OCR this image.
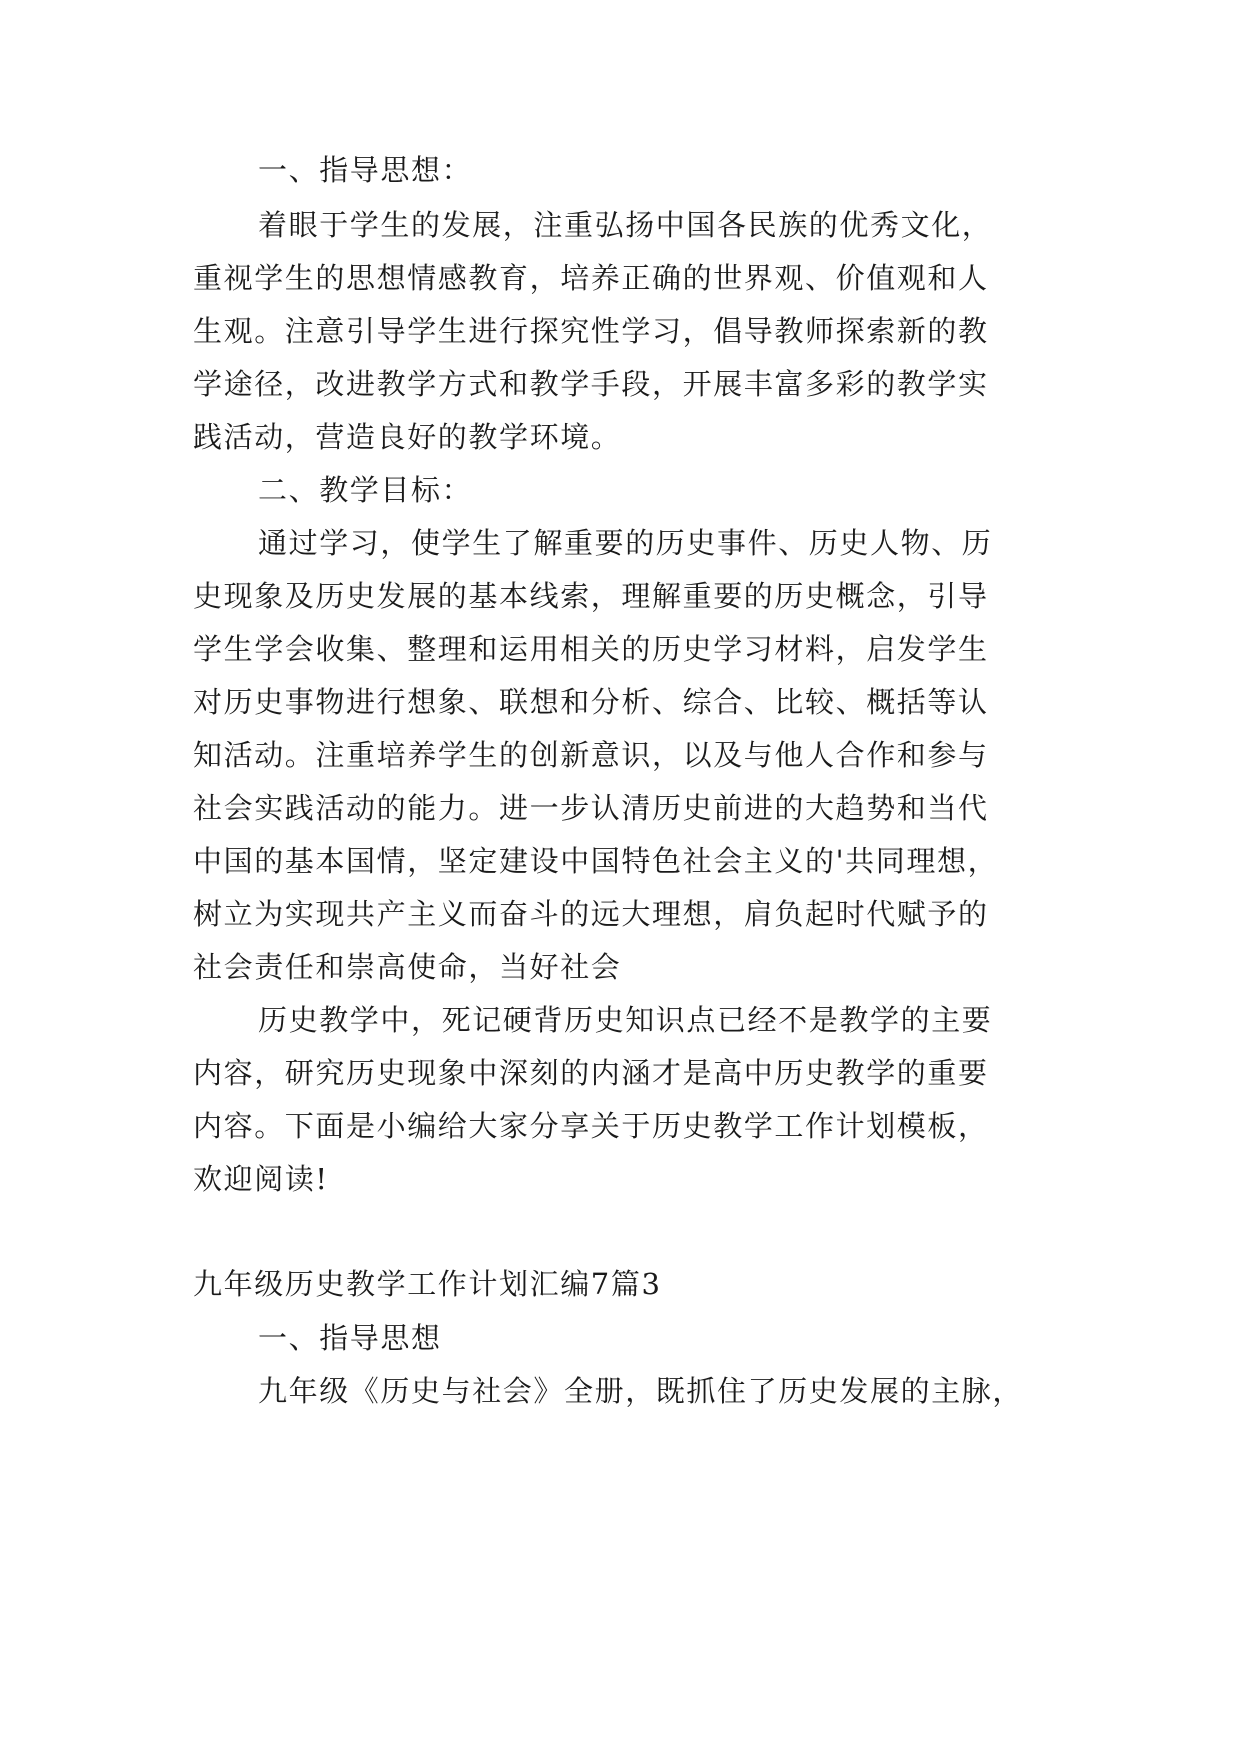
一、指导思想：
着眼于学生的发展，注重弘扬中国各民族的优秀文化，
重视学生的思想情感教育，培养正确的世界观、价值观和人
生观。注意引导学生进行探究性学习，倡导教师探索新的教
学途径，改进教学方式和教学手段，开展丰富多彩的教学实
践活动，营造良好的教学环境。
二、教学目标：
通过学习，使学生了解重要的历史事件、历史人物、历
史现象及历史发展的基本线索，理解重要的历史概念，引导
学生学会收集、整理和运用相关的历史学习材料，启发学生
对历史事物进行想象、联想和分析、综合、比较、概括等认
知活动。注重培养学生的创新意识，以及与他人合作和参与
社会实践活动的能力。进一步认清历史前进的大趋势和当代
中国的基本国情，坚定建设中国特色社会主义的'共同理想，
树立为实现共产主义而奋斗的远大理想，肩负起时代赋予的
社会责任和崇高使命，当好社会
历史教学中，死记硬背历史知识点已经不是教学的主要
内容，研究历史现象中深刻的内涵才是高中历史教学的重要
内容。下面是小编给大家分享关于历史教学工作计划模板，
欢迎阅读!
九年级历史教学工作计划汇编7篇3
一、指导思想
九年级《历史与社会》全册，既抓住了历史发展的主脉，
